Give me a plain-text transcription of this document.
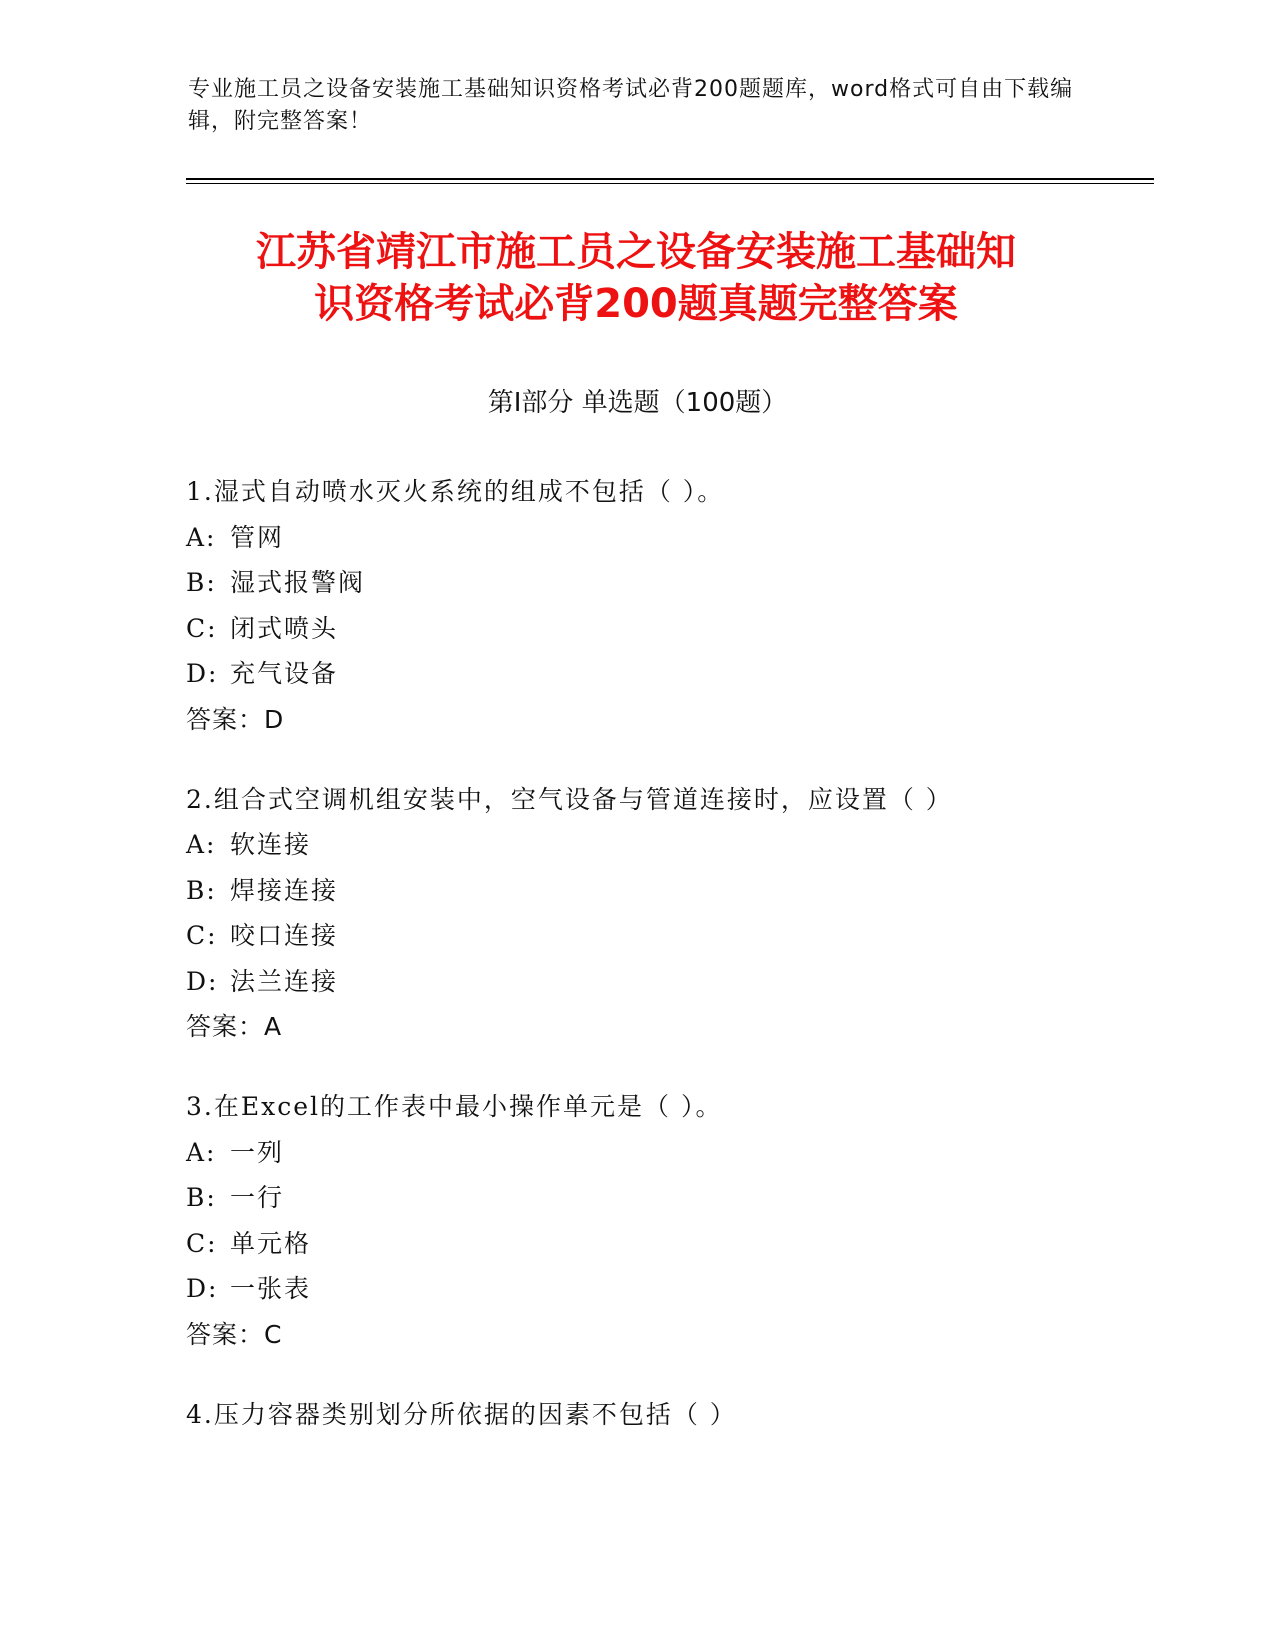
专业施工员之设备安装施工基础知识资格考试必背200题题库，word格式可自由下载编辑，附完整答案！
江苏省靖江市施工员之设备安装施工基础知
识资格考试必背200题真题完整答案
第Ⅰ部分 单选题（100题）
1.湿式自动喷水灭火系统的组成不包括（ ）。
A: 管网
B: 湿式报警阀
C: 闭式喷头
D: 充气设备
答案：D
2.组合式空调机组安装中，空气设备与管道连接时，应设置（ ）
A: 软连接
B: 焊接连接
C: 咬口连接
D: 法兰连接
答案：A
3.在Excel的工作表中最小操作单元是（ ）。
A: 一列
B: 一行
C: 单元格
D: 一张表
答案：C
4.压力容器类别划分所依据的因素不包括（ ）
